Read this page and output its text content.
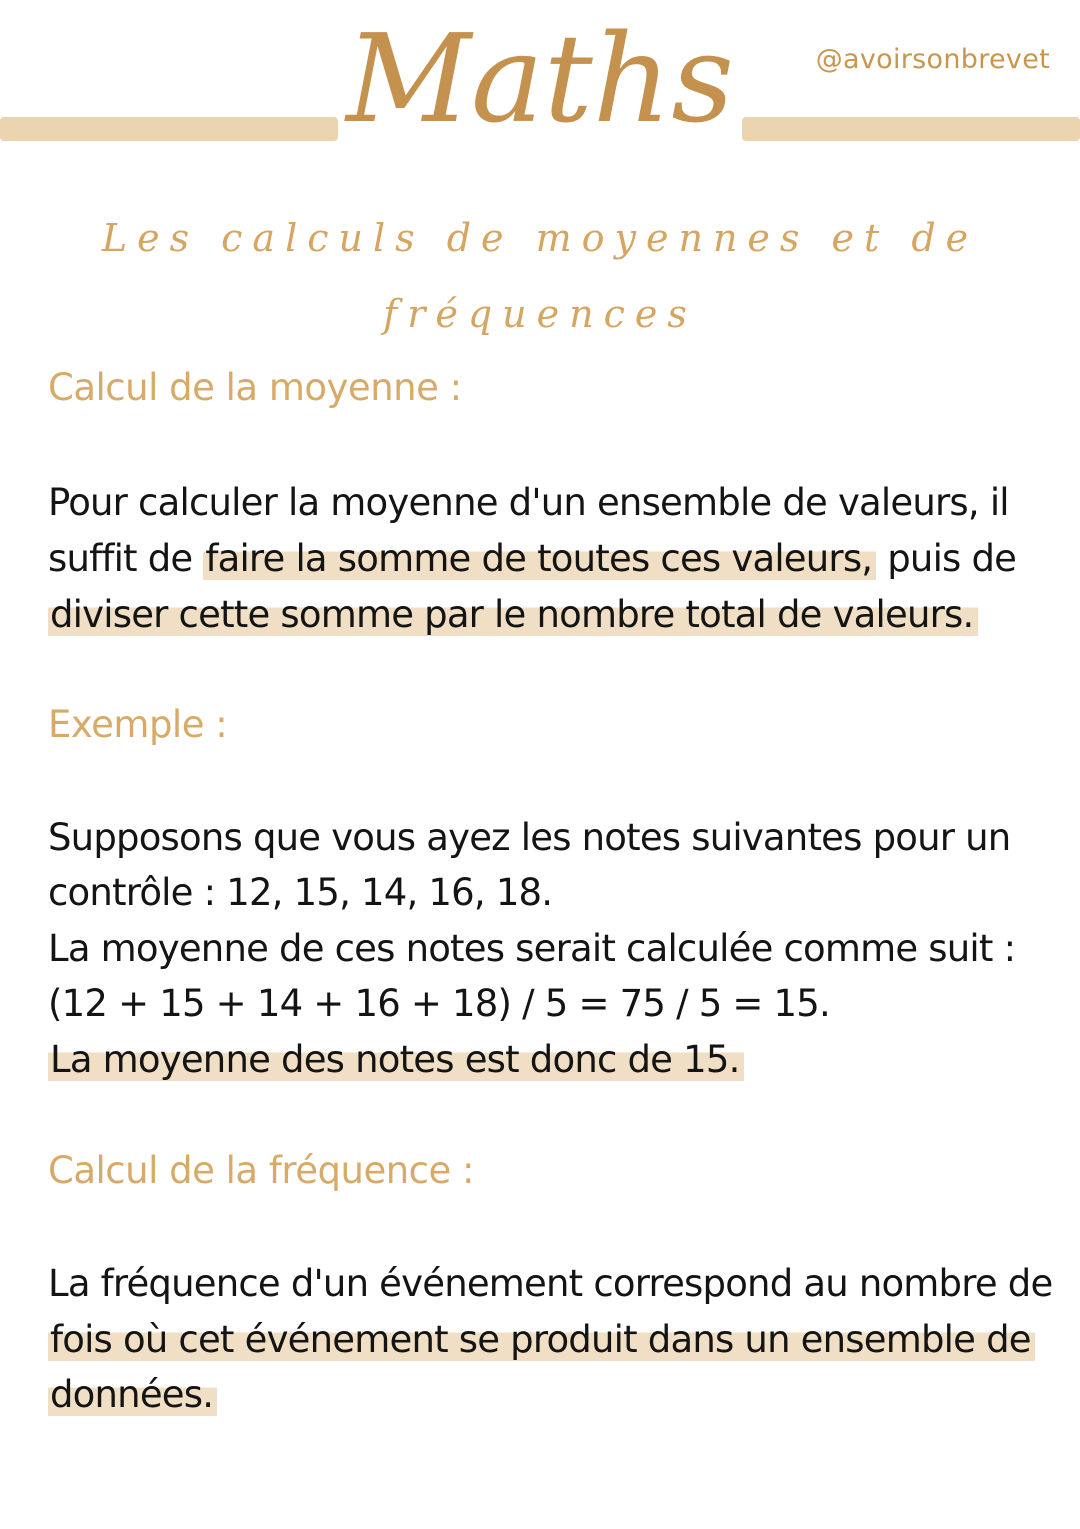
Maths	@avoirsonbrevet
Les calculs de moyennes et de
fréquences
Calcul de la moyenne :
Pour calculer la moyenne d'un ensemble de valeurs, il
suffit de faire la somme de toutes ces valeurs, puis de
diviser cette somme par le nombre total de valeurs.
Exemple :
Supposons que vous ayez les notes suivantes pour un
contrôle : 12, 15, 14, 16, 18.
La moyenne de ces notes serait calculée comme suit :
(12 + 15 + 14 + 16 + 18) / 5 = 75 / 5 = 15.
La moyenne des notes est donc de 15.
Calcul de la fréquence :
La fréquence d'un événement correspond au nombre de
fois où cet événement se produit dans un ensemble de
données.
